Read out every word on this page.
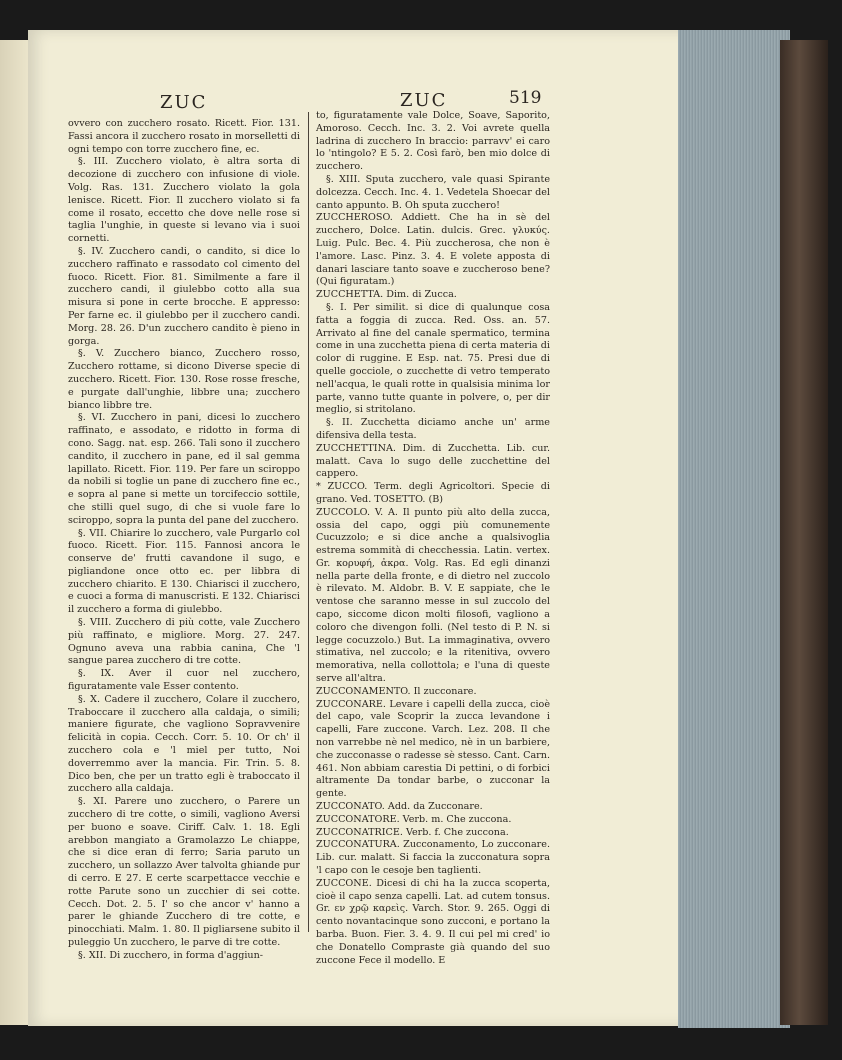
ZUC	ZUC	519

ovvero con zucchero rosato. Ricett. Fior. 131. Fassi ancora il zucchero rosato in morselletti di ogni tempo con torre zucchero fine, ec.

§. III. Zucchero violato, è altra sorta di decozione di zucchero con infusione di viole. Volg. Ras. 131. Zucchero violato la gola leniscе. Ricett. Fior. Il zucchero violato si fa come il rosato, eccetto che dove nelle rose si taglia l'unghie, in queste si levano via i suoi cornetti.

§. IV. Zucchero candi, o candito, si dice lo zucchero raffinato e rassodato col cimento del fuoco. Ricett. Fior. 81. Similmente a fare il zucchero candi, il giulebbo cotto alla sua misura si pone in certe brocche. E appresso: Per farne ec. il giulebbo per il zucchero candi. Morg. 28. 26. D'un zucchero candito è pieno in gorga.

§. V. Zucchero bianco, Zucchero rosso, Zucchero rottame, si dicono Diverse specie di zucchero. Ricett. Fior. 130. Rose rosse fresche, e purgate dall'unghie, libbre una; zucchero bianco libbre tre.

§. VI. Zucchero in pani, dicesi lo zucchero raffinato, e assodato, e ridotto in forma di cono. Sagg. nat. esp. 266. Tali sono il zucchero candito, il zucchero in pane, ed il sal gemma lapillato. Ricett. Fior. 119. Per fare un sciroppo da nobili si toglie un pane di zucchero fine ec., e sopra al pane si mette un torcifeccio sottile, che stilli quel sugo, di che si vuole fare lo sciroppo, sopra la punta del pane del zucchero.

§. VII. Chiarire lo zucchero, vale Purgarlo col fuoco. Ricett. Fior. 115. Fannosi ancora le conserve de' frutti cavandone il sugo, e pigliandone once otto ec. per libbra di zucchero chiarito. E 130. Chiarisci il zucchero, e cuoci a forma di manuscristi. E 132. Chiarisci il zucchero a forma di giulebbo.

§. VIII. Zucchero di più cotte, vale Zucchero più raffinato, e migliore. Morg. 27. 247. Ognuno aveva una rabbia canina, Che 'l sangue parea zucchero di tre cotte.

§. IX. Aver il cuor nel zucchero, figuratamente vale Esser contento.

§. X. Cadere il zucchero, Colare il zucchero, Traboccare il zucchero alla caldaja, o simili; maniere figurate, che vagliono Sopravvenire felicità in copia. Cecch. Corr. 5. 10. Or ch' il zucchero cola e 'l miel per tutto, Noi doverremmo aver la mancia. Fir. Trin. 5. 8. Dico ben, che per un tratto egli è traboccato il zucchero alla caldaja.

§. XI. Parere uno zucchero, o Parere un zucchero di tre cotte, o simili, vagliono Aversi per buono e soave. Ciriff. Calv. 1. 18. Egli arebbon mangiato a Gramolazzo Le chiappe, che si dice eran di ferro; Saria paruto un zucchero, un sollazzo Aver talvolta ghiande pur di cerro. E 27. E certe scarpettacce vecchie e rotte Parute sono un zucchier di sei cotte. Cecch. Dot. 2. 5. I' so che ancor v' hanno a parer le ghiande Zucchero di tre cotte, e pinocchiati. Malm. 1. 80. Il pigliarsene subito il puleggio Un zucchero, le parve di tre cotte.

§. XII. Di zucchero, in forma d'aggiun-

to, figuratamente vale Dolce, Soave, Saporito, Amoroso. Cecch. Inc. 3. 2. Voi avrete quella ladrina di zucchero In braccio: parravv' ei caro lo 'ntingolo? E 5. 2. Così farò, ben mio dolce di zucchero.

§. XIII. Sputa zucchero, vale quasi Spirante dolcezza. Cecch. Inc. 4. 1. Vedetela Shoecar del canto appunto. B. Oh sputa zucchero!

ZUCCHEROSO. Addiett. Che ha in sè del zucchero, Dolce. Latin. dulcis. Grec. γλυκύς. Luig. Pulc. Bec. 4. Più zuccherosa, che non è l'amore. Lasc. Pinz. 3. 4. E volete apposta di danari lasciare tanto soave e zuccheroso bene? (Qui figuratam.)

ZUCCHETTA. Dim. di Zucca.

§. I. Per similit. si dice di qualunque cosa fatta a foggia di zucca. Red. Oss. an. 57. Arrivato al fine del canale spermatico, termina come in una zucchetta piena di certa materia di color di ruggine. E Esp. nat. 75. Presi due di quelle gocciole, o zucchette di vetro temperato nell'acqua, le quali rotte in qualsisia minima lor parte, vanno tutte quante in polvere, o, per dir meglio, si stritolano.

§. II. Zucchetta diciamo anche un' arme difensiva della testa.

ZUCCHETTINA. Dim. di Zucchetta. Lib. cur. malatt. Cava lo sugo delle zucchettine del cappero.

* ZUCCO. Term. degli Agricoltori. Specie di grano. Ved. TOSETTO. (B)

ZUCCOLO. V. A. Il punto più alto della zucca, ossia del capo, oggi più comunemente Cucuzzolo; e si dice anche a qualsivoglia estrema sommità di checchessia. Latin. vertex. Gr. κορυφή, ἀκρα. Volg. Ras. Ed egli dinanzi nella parte della fronte, e di dietro nel zuccolo è rilevato. M. Aldobr. B. V. E sappiate, che le ventose che saranno messe in sul zuccolo del capo, siccome dicon molti filosofi, vagliono a coloro che divengon folli. (Nel testo di P. N. si legge cocuzzolo.) But. La immaginativa, ovvero stimativa, nel zuccolo; e la ritenitiva, ovvero memorativa, nella collottola; e l'una di queste serve all'altra.

ZUCCONAMENTO. Il zucconare.

ZUCCONARE. Levare i capelli della zucca, cioè del capo, vale Scoprir la zucca levandone i capelli, Fare zuccone. Varch. Lez. 208. Il che non varrebbe nè nel medico, nè in un barbiere, che zucconasse o radesse sè stesso. Cant. Carn. 461. Non abbiam carestia Di pettini, o di forbici altramente Da tondar barbe, o zucconar la gente.

ZUCCONATO. Add. da Zucconare.

ZUCCONATORE. Verb. m. Che zuccona.

ZUCCONATRICE. Verb. f. Che zuccona.

ZUCCONATURA. Zucconamento, Lo zucconare. Lib. cur. malatt. Si faccia la zucconatura sopra 'l capo con le cesoje ben taglienti.

ZUCCONE. Dicesi di chi ha la zucca scoperta, cioè il capo senza capelli. Lat. ad cutem tonsus. Gr. εν χρῷ καρεὶς. Varch. Stor. 9. 265. Oggi di cento novantacinque sono zucconi, e portano la barba. Buon. Fier. 3. 4. 9. Il cui pel mi cred' io che Donatello Compraste già quando del suo zuccone Fece il modello. E
